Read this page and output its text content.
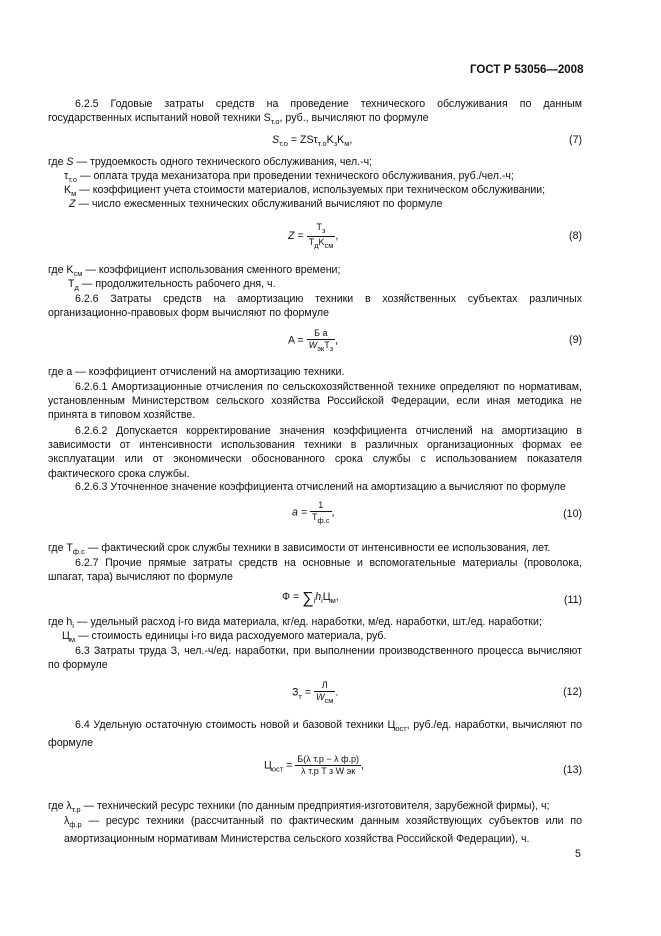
ГОСТ Р 53056—2008
6.2.5 Годовые затраты средств на проведение технического обслуживания по данным государственных испытаний новой техники $S_{т.о}$, руб., вычисляют по формуле
$S_{т.о} = ZS\tau_{т.о}K_зK_м$,	(7)
где S — трудоемкость одного технического обслуживания, чел.-ч;
$\tau_{т.о}$ — оплата труда механизатора при проведении технического обслуживания, руб./чел.-ч;
$K_м$ — коэффициент учета стоимости материалов, используемых при техническом обслуживании;
Z — число ежесменных технических обслуживаний вычисляют по формуле
$Z = \frac{T_з}{T_дK_{см}}$ ,	(8)
где $K_{см}$ — коэффициент использования сменного времени;
$T_д$ — продолжительность рабочего дня, ч.
6.2.6 Затраты средств на амортизацию техники в хозяйственных субъектах различных организационно-правовых форм вычисляют по формуле
$A = \frac{\text{Б a}}{W_{эк}T_з}$ ,	(9)
где a — коэффициент отчислений на амортизацию техники.
6.2.6.1 Амортизационные отчисления по сельскохозяйственной технике определяют по нормативам, установленным Министерством сельского хозяйства Российской Федерации, если иная методика не принята в типовом хозяйстве.
6.2.6.2 Допускается корректирование значения коэффициента отчислений на амортизацию в зависимости от интенсивности использования техники в различных организационных формах ее эксплуатации или от экономически обоснованного срока службы с использованием показателя фактического срока службы.
6.2.6.3 Уточненное значение коэффициента отчислений на амортизацию a вычисляют по формуле
$a = \frac{1}{T_{ф.с}}$ ,	(10)
где $T_{ф.с}$ — фактический срок службы техники в зависимости от интенсивности ее использования, лет.
6.2.7 Прочие прямые затраты средств на основные и вспомогательные материалы (проволока, шпагат, тара) вычисляют по формуле
$Ф = \sum_ih_iЦ_м$,	(11)
где $h_i$ — удельный расход i-го вида материала, кг/ед. наработки, м/ед. наработки, шт./ед. наработки;
$Ц_м$ — стоимость единицы i-го вида расходуемого материала, руб.
6.3 Затраты труда З, чел.-ч/ед. наработки, при выполнении производственного процесса вычисляют по формуле
$З_т = \frac{Л}{W_{см}}$ .	(12)
6.4 Удельную остаточную стоимость новой и базовой техники $Ц_{ост}$, руб./ед. наработки, вычисляют по формуле
$Ц_{ост} = \frac{\text{Б(λ т.р − λ ф.р)}}{\text{λ т.р T з W эк}}$ ,	(13)
где $\lambda_{т.р}$ — технический ресурс техники (по данным предприятия-изготовителя, зарубежной фирмы), ч;
$\lambda_{ф.р}$ — ресурс техники (рассчитанный по фактическим данным хозяйствующих субъектов или по амортизационным нормативам Министерства сельского хозяйства Российской Федерации), ч.
5
